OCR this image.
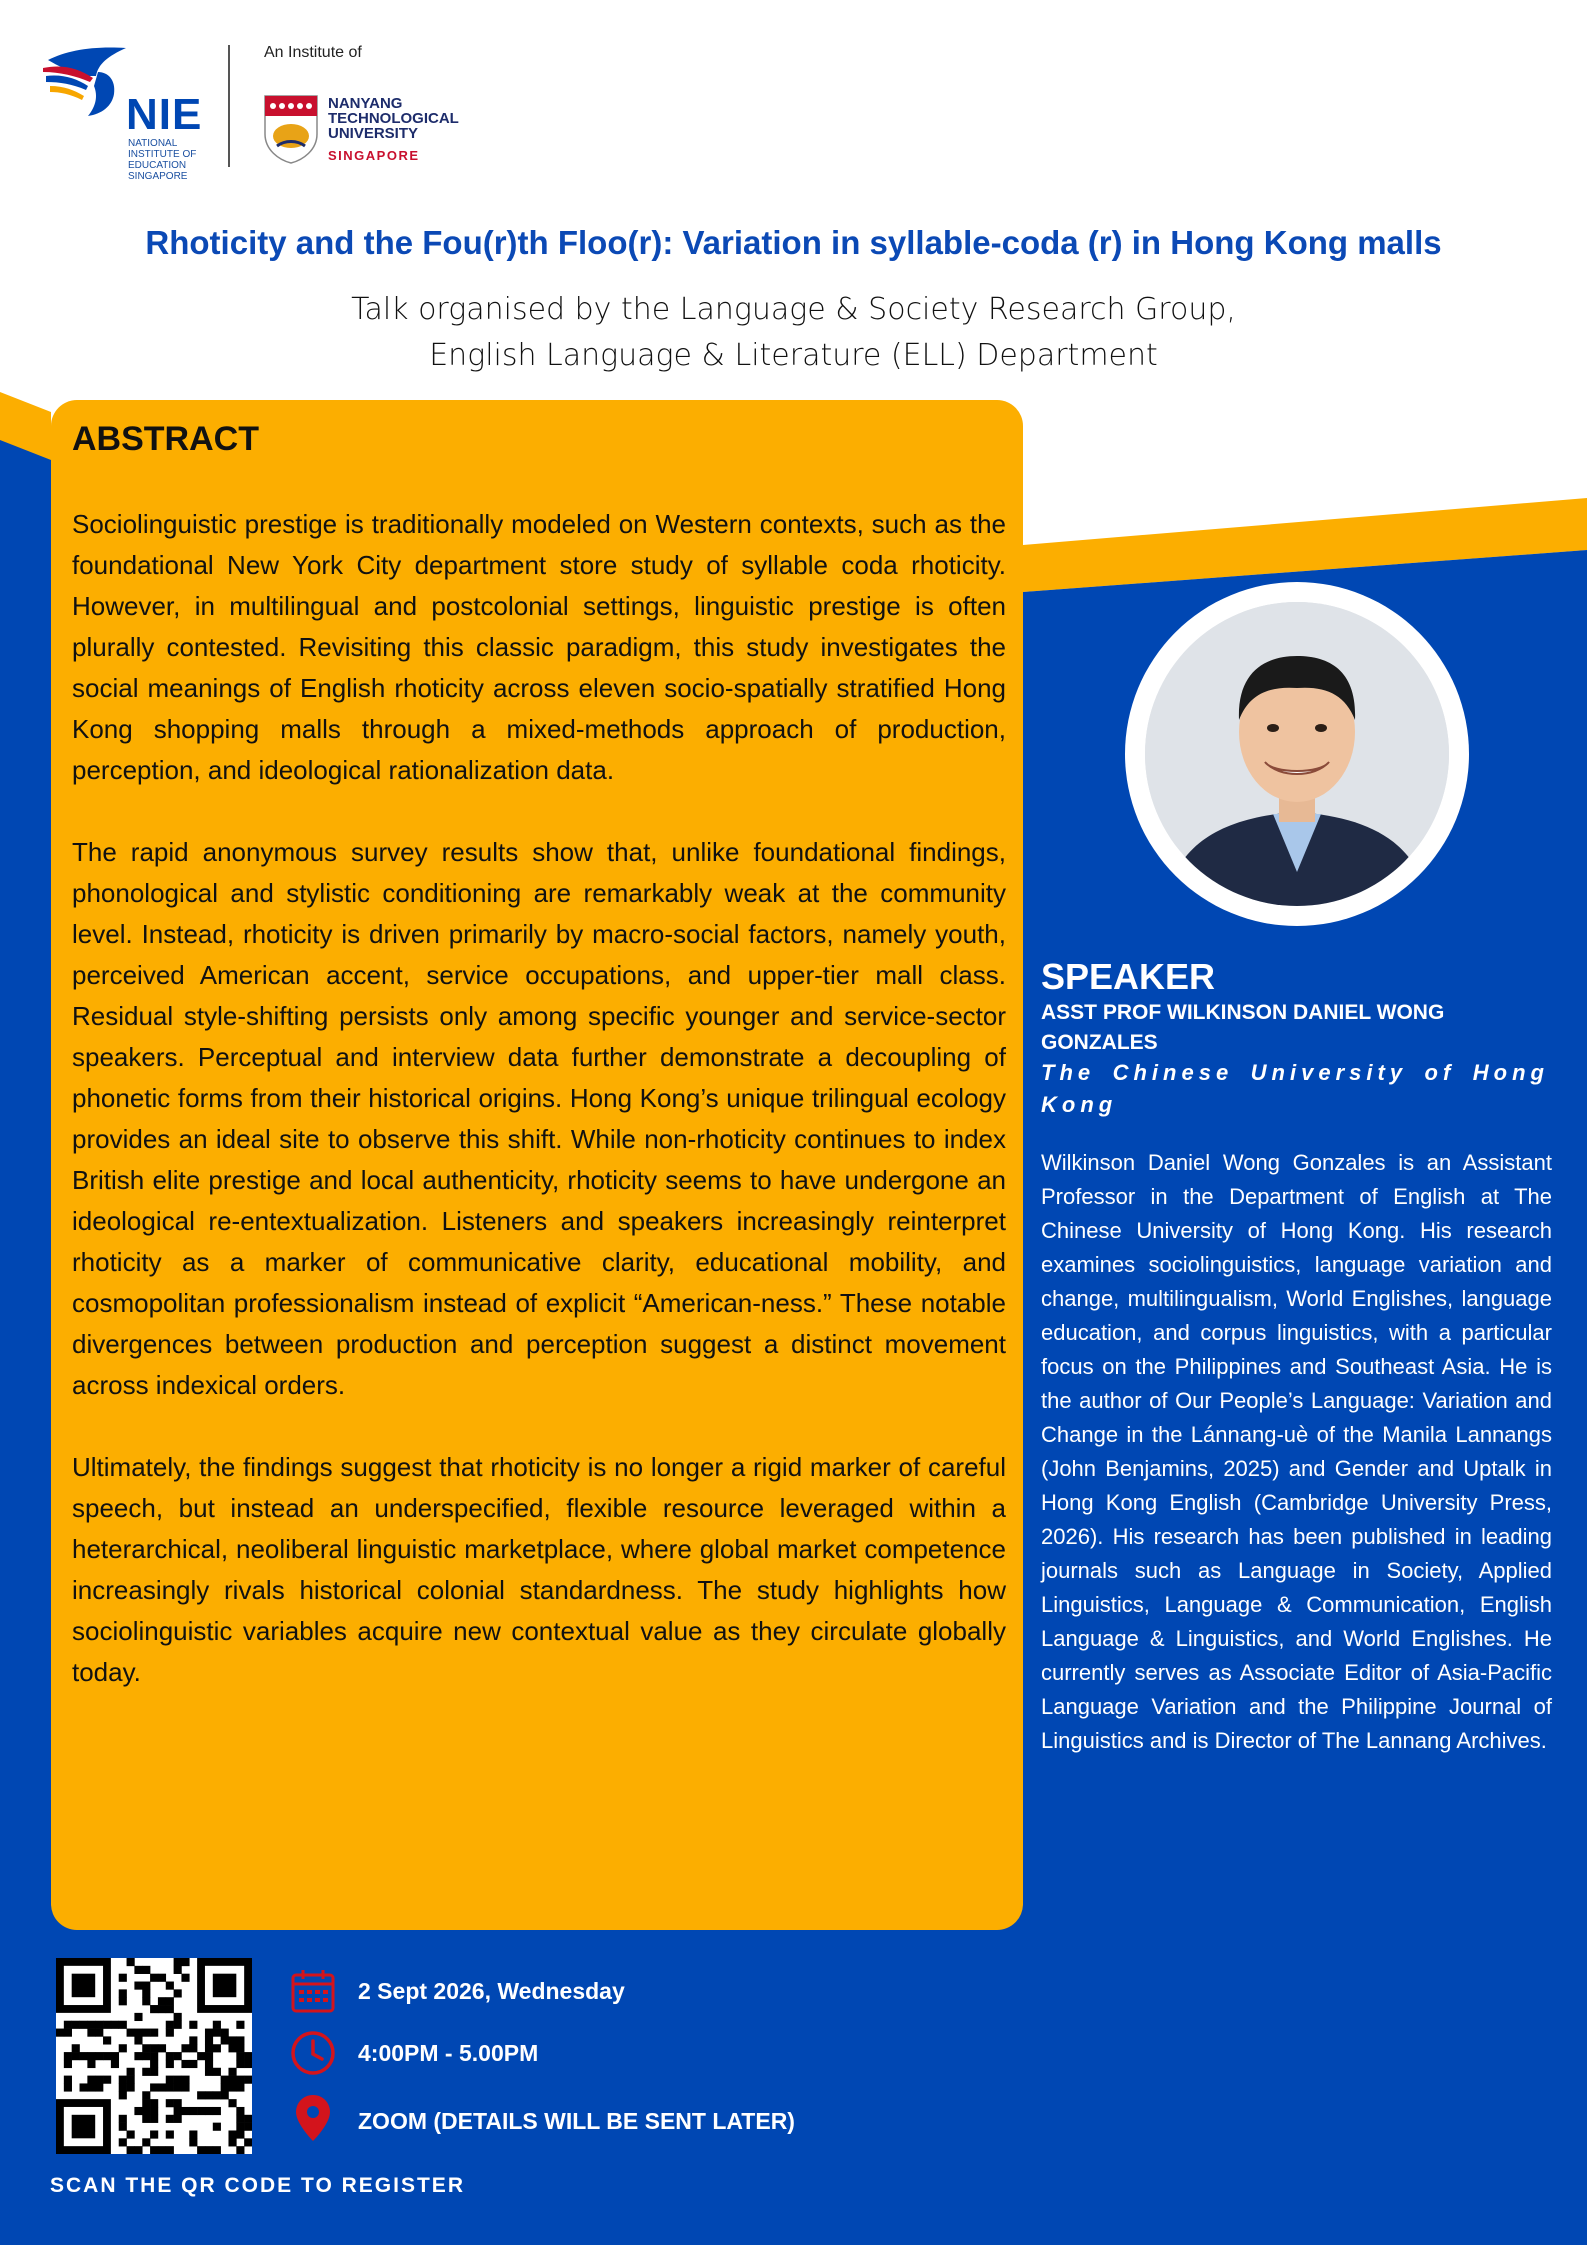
NIE
NATIONAL INSTITUTE OF EDUCATION SINGAPORE
An Institute of
NANYANG TECHNOLOGICAL UNIVERSITY
SINGAPORE
Rhoticity and the Fou(r)th Floo(r): Variation in syllable-coda (r) in Hong Kong malls
Talk organised by the Language & Society Research Group,
English Language & Literature (ELL) Department
ABSTRACT

Sociolinguistic prestige is traditionally modeled on Western contexts, such as the foundational New York City department store study of syllable coda rhoticity. However, in multilingual and postcolonial settings, linguistic prestige is often plurally contested. Revisiting this classic paradigm, this study investigates the social meanings of English rhoticity across eleven socio-spatially stratified Hong Kong shopping malls through a mixed-methods approach of production, perception, and ideological rationalization data.

The rapid anonymous survey results show that, unlike foundational findings, phonological and stylistic conditioning are remarkably weak at the community level. Instead, rhoticity is driven primarily by macro-social factors, namely youth, perceived American accent, service occupations, and upper-tier mall class. Residual style-shifting persists only among specific younger and service-sector speakers. Perceptual and interview data further demonstrate a decoupling of phonetic forms from their historical origins. Hong Kong’s unique trilingual ecology provides an ideal site to observe this shift. While non-rhoticity continues to index British elite prestige and local authenticity, rhoticity seems to have undergone an ideological re-entextualization. Listeners and speakers increasingly reinterpret rhoticity as a marker of communicative clarity, educational mobility, and cosmopolitan professionalism instead of explicit “American-ness.” These notable divergences between production and perception suggest a distinct movement across indexical orders.

Ultimately, the findings suggest that rhoticity is no longer a rigid marker of careful speech, but instead an underspecified, flexible resource leveraged within a heterarchical, neoliberal linguistic marketplace, where global market competence increasingly rivals historical colonial standardness. The study highlights how sociolinguistic variables acquire new contextual value as they circulate globally today.

SPEAKER
ASST PROF WILKINSON DANIEL WONG GONZALES
The Chinese University of Hong Kong
Wilkinson Daniel Wong Gonzales is an Assistant Professor in the Department of English at The Chinese University of Hong Kong. His research examines sociolinguistics, language variation and change, multilingualism, World Englishes, language education, and corpus linguistics, with a particular focus on the Philippines and Southeast Asia. He is the author of Our People’s Language: Variation and Change in the Lánnang-uè of the Manila Lannangs (John Benjamins, 2025) and Gender and Uptalk in Hong Kong English (Cambridge University Press, 2026). His research has been published in leading journals such as Language in Society, Applied Linguistics, Language & Communication, English Language & Linguistics, and World Englishes. He currently serves as Associate Editor of Asia-Pacific Language Variation and the Philippine Journal of Linguistics and is Director of The Lannang Archives.
SCAN THE QR CODE TO REGISTER
2 Sept 2026, Wednesday
4:00PM - 5.00PM
ZOOM (DETAILS WILL BE SENT LATER)
